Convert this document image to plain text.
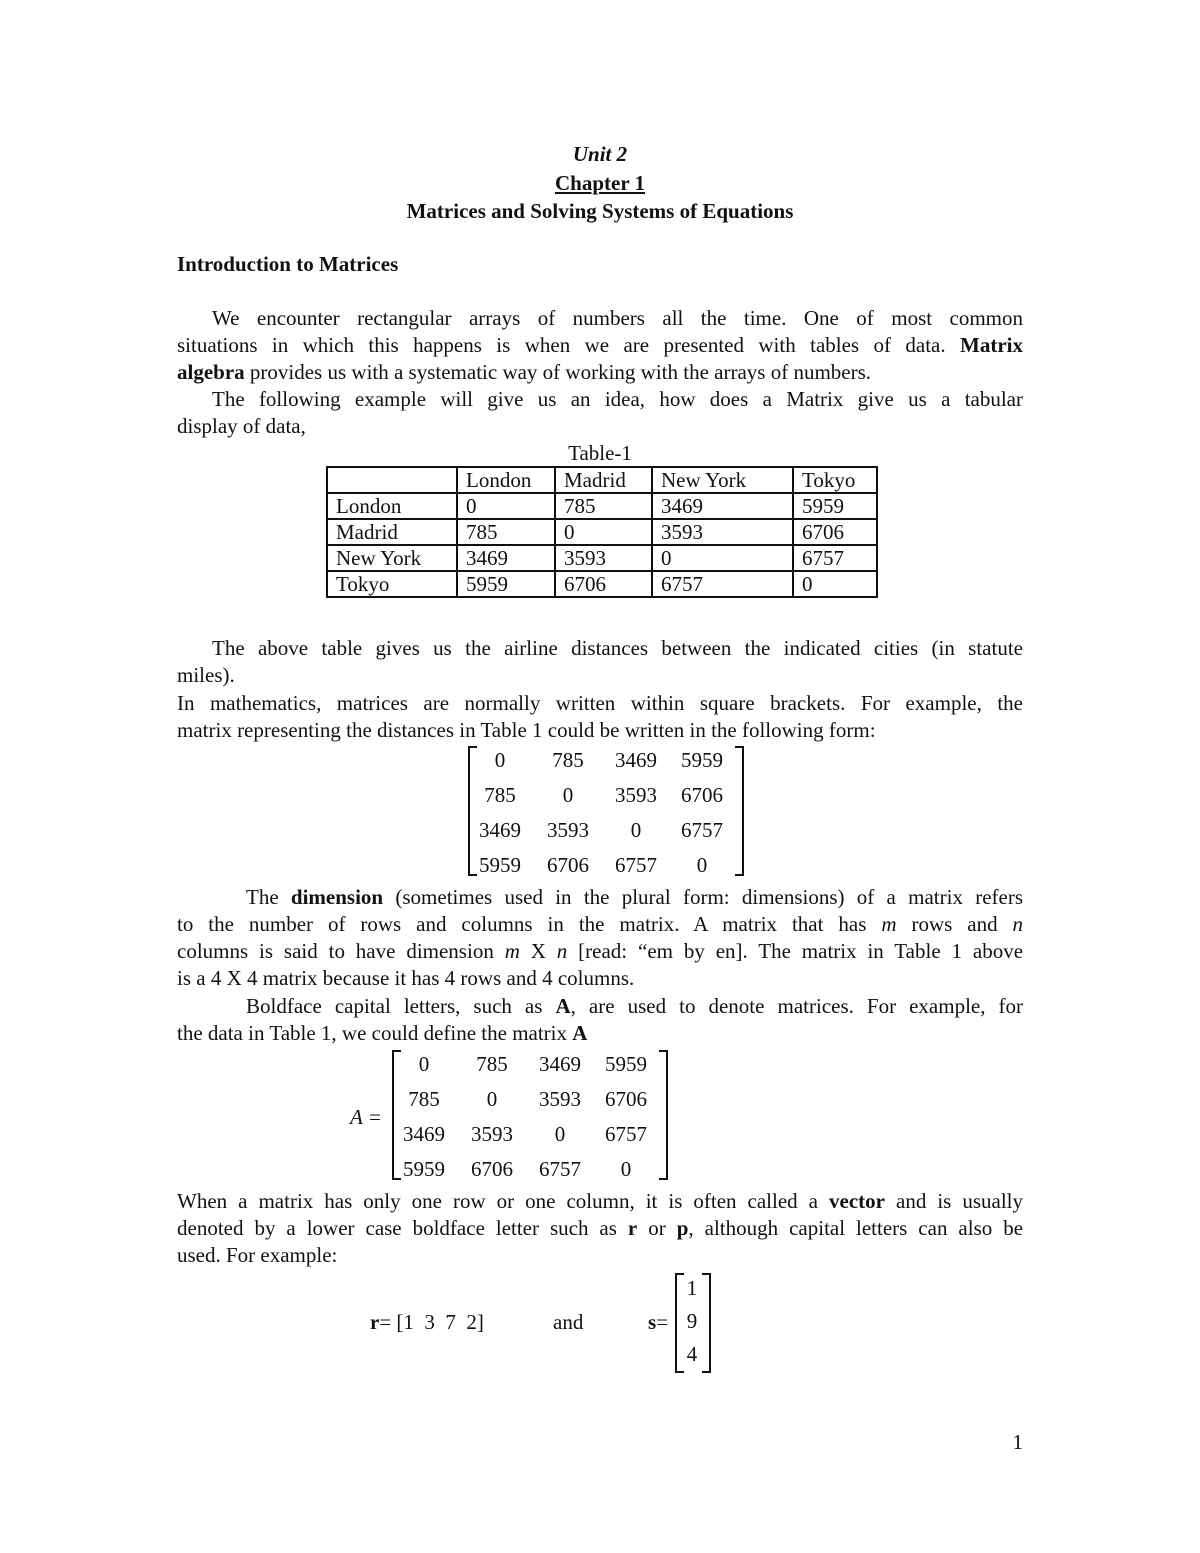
Unit 2
Chapter 1
Matrices and Solving Systems of Equations
Introduction to Matrices
We encounter rectangular arrays of numbers all the time. One of most common
situations in which this happens is when we are presented with tables of data. Matrix
algebra provides us with a systematic way of working with the arrays of numbers.
The following example will give us an idea, how does a Matrix give us a tabular
display of data,
Table-1
	London	Madrid	New York	Tokyo
London	0	785	3469	5959
Madrid	785	0	3593	6706
New York	3469	3593	0	6757
Tokyo	5959	6706	6757	0
The above table gives us the airline distances between the indicated cities (in statute
miles).
In mathematics, matrices are normally written within square brackets. For example, the
matrix representing the distances in Table 1 could be written in the following form:
0	785	3469	5959
785	0	3593	6706
3469	3593	0	6757
5959	6706	6757	0
The dimension (sometimes used in the plural form: dimensions) of a matrix refers
to the number of rows and columns in the matrix. A matrix that has m rows and n
columns is said to have dimension m X n [read: “em by en]. The matrix in Table 1 above
is a 4 X 4 matrix because it has 4 rows and 4 columns.
Boldface capital letters, such as A, are used to denote matrices. For example, for
the data in Table 1, we could define the matrix A
A =
0	785	3469	5959
785	0	3593	6706
3469	3593	0	6757
5959	6706	6757	0
When a matrix has only one row or one column, it is often called a vector and is usually
denoted by a lower case boldface letter such as r or p, although capital letters can also be
used. For example:
r= [1  3  7  2]	and	s=
1
9
4
1
